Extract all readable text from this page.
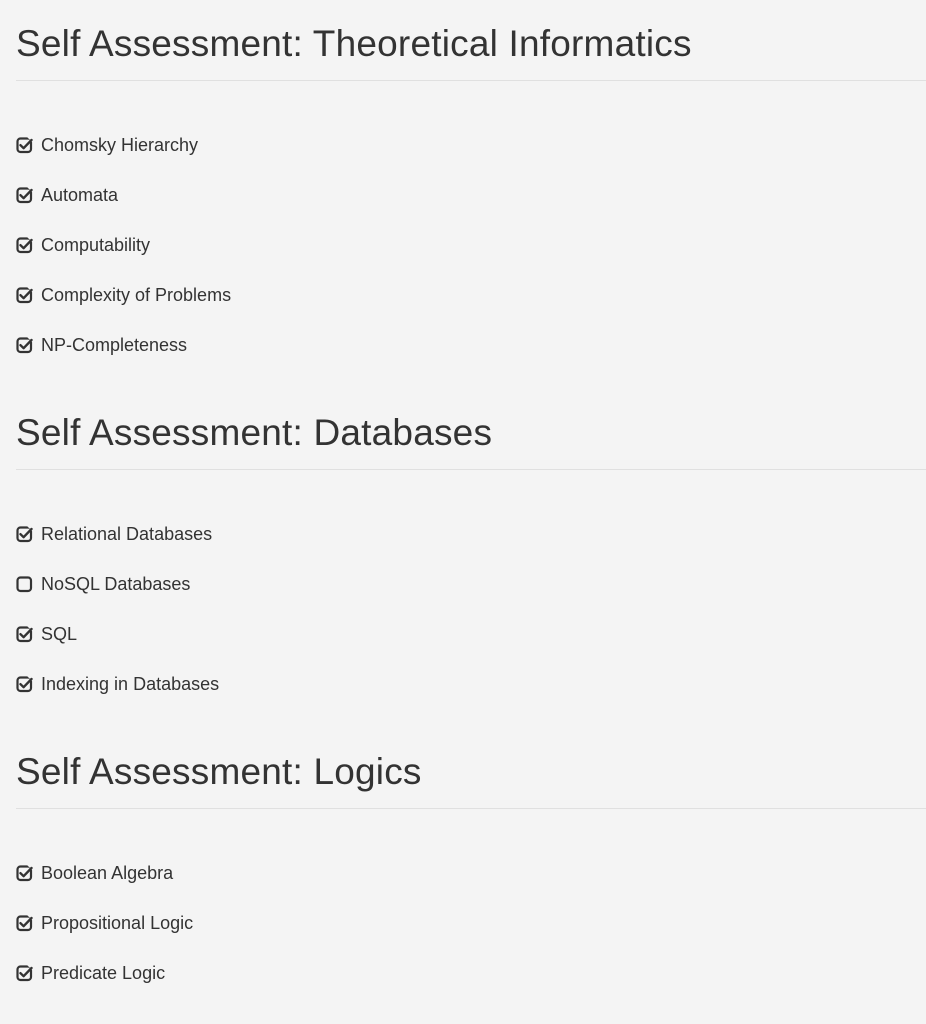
Self Assessment: Theoretical Informatics
Chomsky Hierarchy
Automata
Computability
Complexity of Problems
NP-Completeness
Self Assessment: Databases
Relational Databases
NoSQL Databases
SQL
Indexing in Databases
Self Assessment: Logics
Boolean Algebra
Propositional Logic
Predicate Logic
